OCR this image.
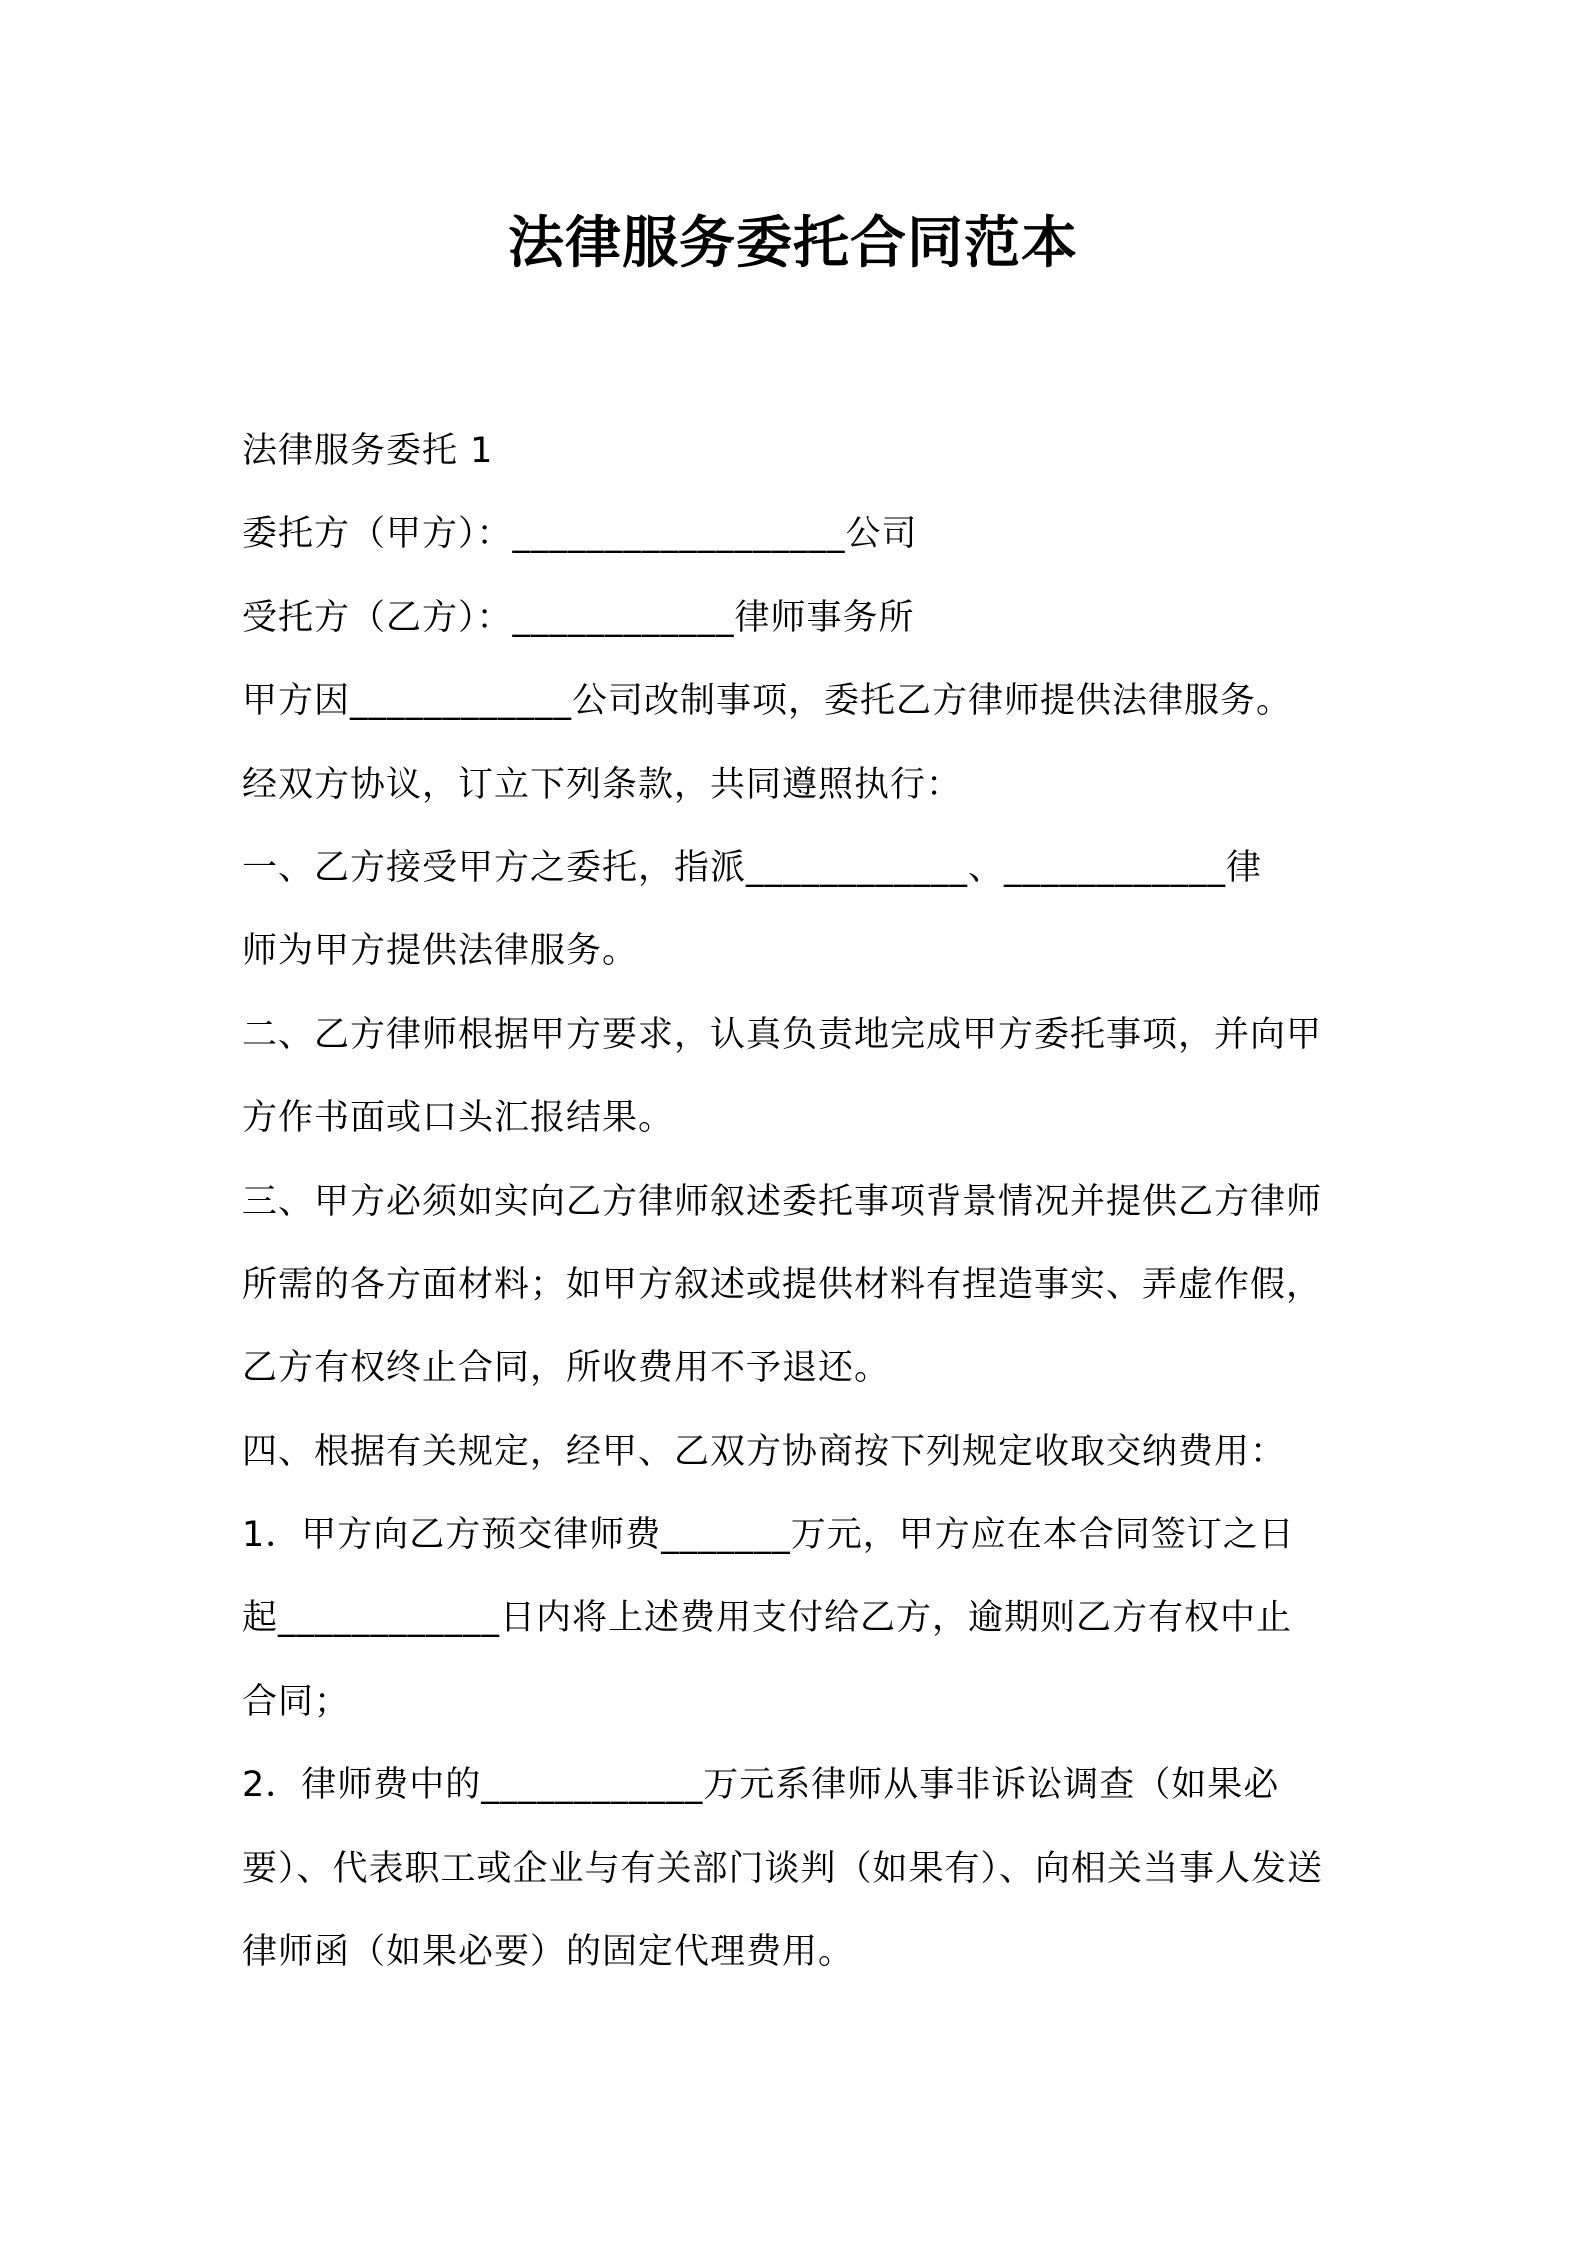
法律服务委托合同范本

法律服务委托 1

委托方（甲方）：__________________公司

受托方（乙方）：____________律师事务所

甲方因____________公司改制事项，委托乙方律师提供法律服务。

经双方协议，订立下列条款，共同遵照执行：

一、乙方接受甲方之委托，指派____________、____________律

师为甲方提供法律服务。

二、乙方律师根据甲方要求，认真负责地完成甲方委托事项，并向甲

方作书面或口头汇报结果。

三、甲方必须如实向乙方律师叙述委托事项背景情况并提供乙方律师

所需的各方面材料；如甲方叙述或提供材料有捏造事实、弄虚作假，

乙方有权终止合同，所收费用不予退还。

四、根据有关规定，经甲、乙双方协商按下列规定收取交纳费用：

1．甲方向乙方预交律师费_______万元，甲方应在本合同签订之日

起____________日内将上述费用支付给乙方，逾期则乙方有权中止

合同；

2．律师费中的____________万元系律师从事非诉讼调查（如果必

要）、代表职工或企业与有关部门谈判（如果有）、向相关当事人发送

律师函（如果必要）的固定代理费用。
